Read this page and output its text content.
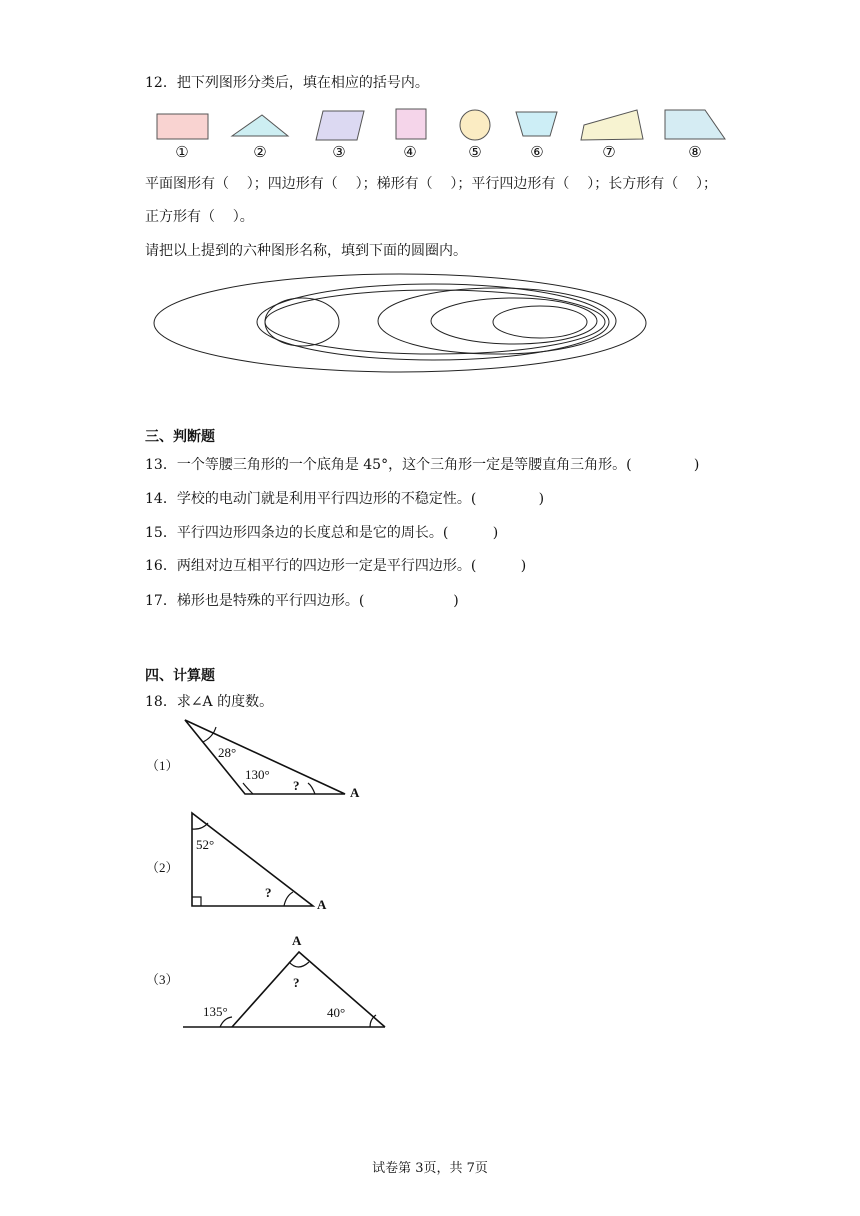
12．把下列图形分类后，填在相应的括号内。
①	②	③	④	⑤	⑥	⑦	⑧
平面图形有（    ）；四边形有（    ）；梯形有（    ）；平行四边形有（    ）；长方形有（    ）；
正方形有（    ）。
请把以上提到的六种图形名称，填到下面的圆圈内。
三、判断题
13．一个等腰三角形的一个底角是 45°，这个三角形一定是等腰直角三角形。(              )
14．学校的电动门就是利用平行四边形的不稳定性。(              )
15．平行四边形四条边的长度总和是它的周长。(          )
16．两组对边互相平行的四边形一定是平行四边形。(          )
17．梯形也是特殊的平行四边形。(                    )
四、计算题
18．求∠A 的度数。
（1）
28°
130°
?	A
（2）
52°
?
A
（3）
135°	40°
?
A
试卷第 3页，共 7页
